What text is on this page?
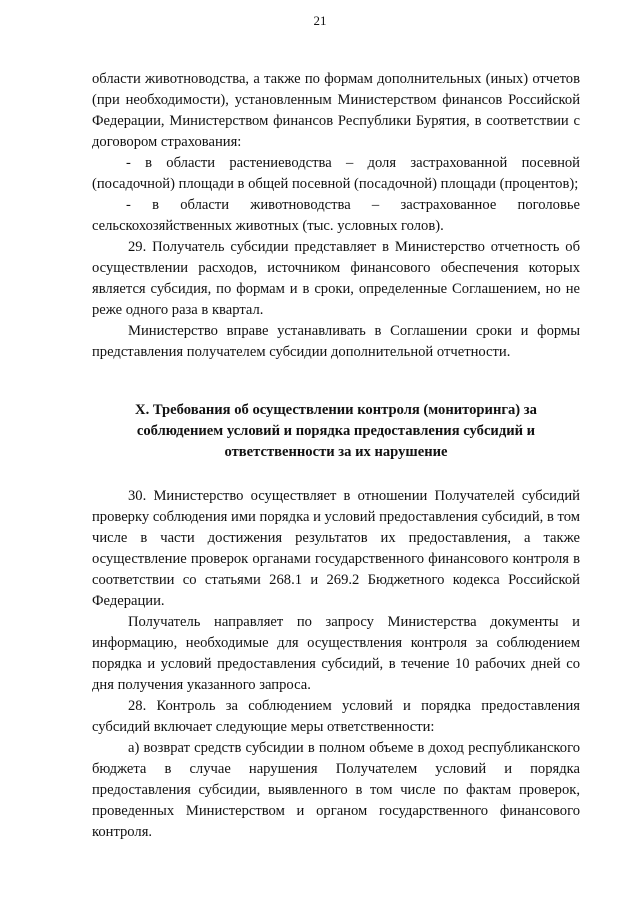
21

области животноводства, а также по формам дополнительных (иных) отчетов (при необходимости), установленным Министерством финансов Российской Федерации, Министерством финансов Республики Бурятия, в соответствии с договором страхования:

- в области растениеводства – доля застрахованной посевной (посадочной) площади в общей посевной (посадочной) площади (процентов);

- в области животноводства – застрахованное поголовье сельскохозяйственных животных (тыс. условных голов).

29. Получатель субсидии представляет в Министерство отчетность об осуществлении расходов, источником финансового обеспечения которых является субсидия, по формам и в сроки, определенные Соглашением, но не реже одного раза в квартал.

Министерство вправе устанавливать в Соглашении сроки и формы представления получателем субсидии дополнительной отчетности.

X. Требования об осуществлении контроля (мониторинга) за

соблюдением условий и порядка предоставления субсидий и

ответственности за их нарушение

30. Министерство осуществляет в отношении Получателей субсидий проверку соблюдения ими порядка и условий предоставления субсидий, в том числе в части достижения результатов их предоставления, а также осуществление проверок органами государственного финансового контроля в соответствии со статьями 268.1 и 269.2 Бюджетного кодекса Российской Федерации.

Получатель направляет по запросу Министерства документы и информацию, необходимые для осуществления контроля за соблюдением порядка и условий предоставления субсидий, в течение 10 рабочих дней со дня получения указанного запроса.

28. Контроль за соблюдением условий и порядка предоставления субсидий включает следующие меры ответственности:

а) возврат средств субсидии в полном объеме в доход республиканского бюджета в случае нарушения Получателем условий и порядка предоставления субсидии, выявленного в том числе по фактам проверок, проведенных Министерством и органом государственного финансового контроля.
